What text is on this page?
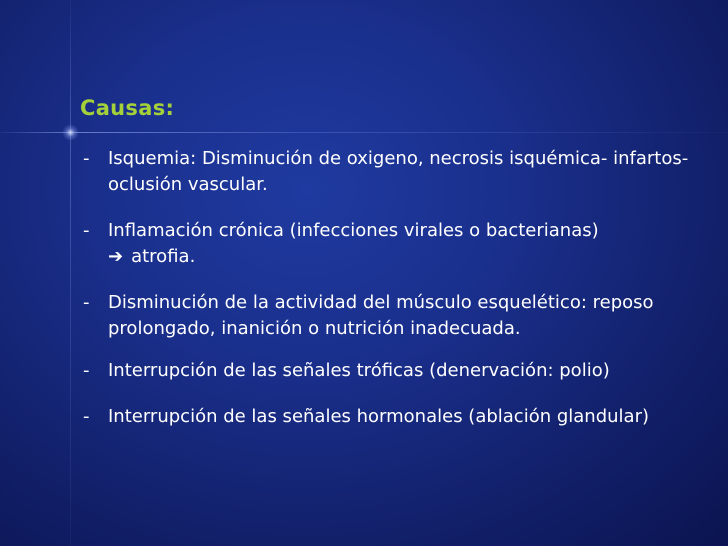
Causas:
- Isquemia: Disminución de oxigeno, necrosis isquémica- infartos- oclusión vascular.
- Inflamación crónica (infecciones virales o bacterianas)
➔ atrofia.
- Disminución de la actividad del músculo esquelético: reposo prolongado, inanición o nutrición inadecuada.
- Interrupción de las señales tróficas (denervación: polio)
- Interrupción de las señales hormonales (ablación glandular)
